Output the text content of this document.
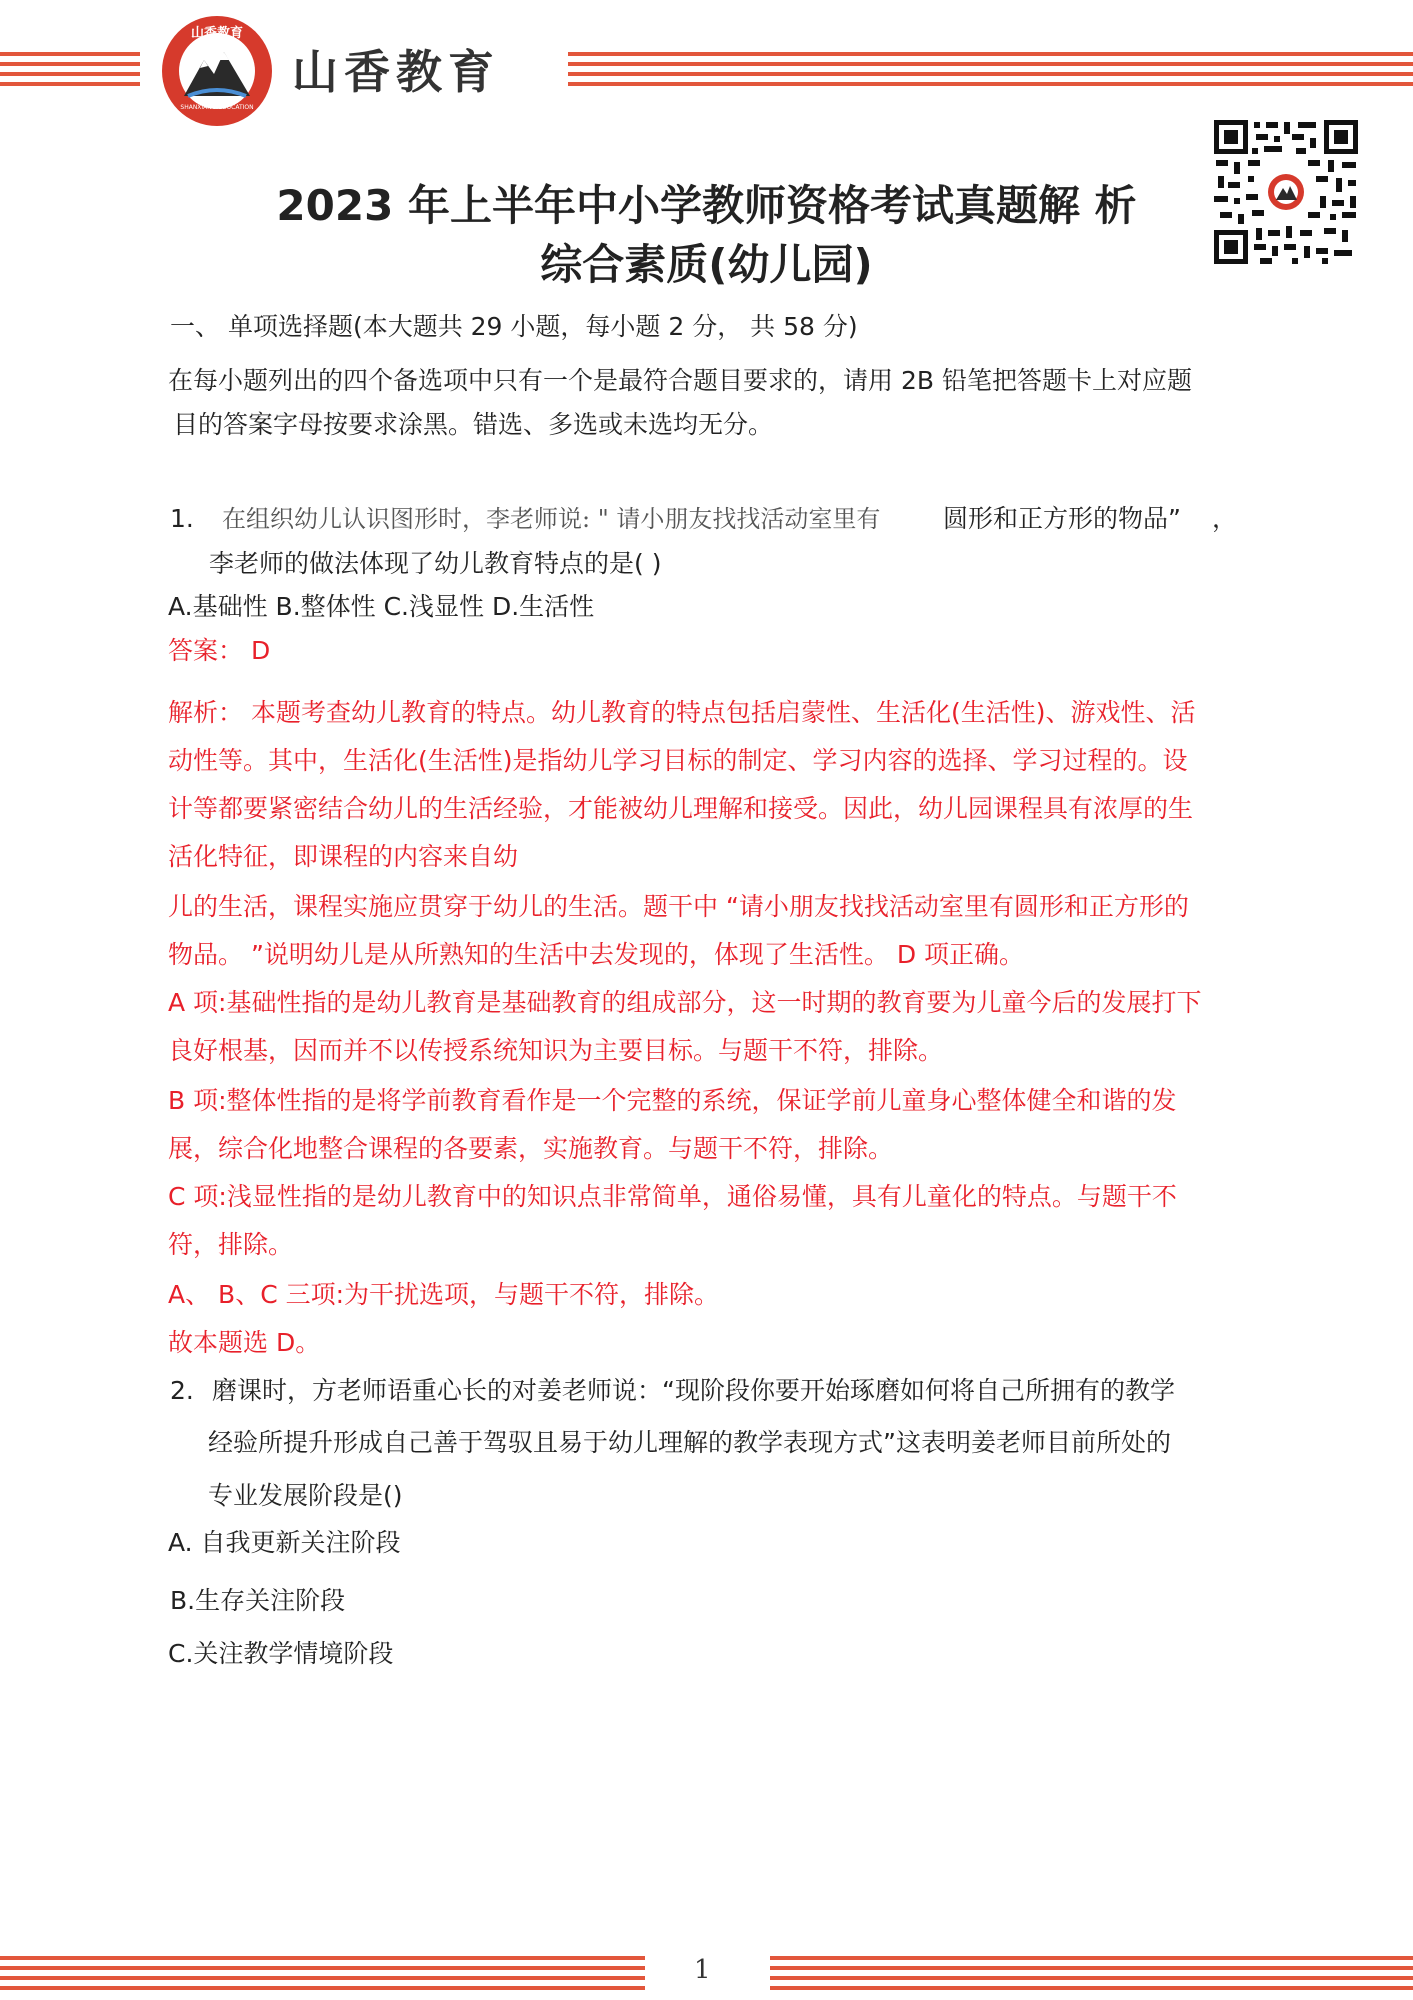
山香教育
SHANXIANG EDUCATION
山香教育
2023 年上半年中小学教师资格考试真题解 析
综合素质(幼儿园)
一、 单项选择题(本大题共 29 小题，每小题 2 分， 共 58 分)
在每小题列出的四个备选项中只有一个是最符合题目要求的，请用 2B 铅笔把答题卡上对应题
目的答案字母按要求涂黑。错选、多选或未选均无分。
1. 在组织幼儿认识图形时，李老师说: " 请小朋友找找活动室里有	圆形和正方形的物品” ，
李老师的做法体现了幼儿教育特点的是( )
A.基础性 B.整体性 C.浅显性 D.生活性
答案： D
解析： 本题考查幼儿教育的特点。幼儿教育的特点包括启蒙性、生活化(生活性)、游戏性、活
动性等。其中，生活化(生活性)是指幼儿学习目标的制定、学习内容的选择、学习过程的。设
计等都要紧密结合幼儿的生活经验，才能被幼儿理解和接受。因此，幼儿园课程具有浓厚的生
活化特征，即课程的内容来自幼
儿的生活，课程实施应贯穿于幼儿的生活。题干中 “请小朋友找找活动室里有圆形和正方形的
物品。 ”说明幼儿是从所熟知的生活中去发现的，体现了生活性。 D 项正确。
A 项:基础性指的是幼儿教育是基础教育的组成部分，这一时期的教育要为儿童今后的发展打下
良好根基，因而并不以传授系统知识为主要目标。与题干不符，排除。
B 项:整体性指的是将学前教育看作是一个完整的系统，保证学前儿童身心整体健全和谐的发
展，综合化地整合课程的各要素，实施教育。与题干不符，排除。
C 项:浅显性指的是幼儿教育中的知识点非常简单，通俗易懂，具有儿童化的特点。与题干不
符，排除。
A、 B、C 三项:为干扰选项，与题干不符，排除。
故本题选 D。
2. 磨课时，方老师语重心长的对姜老师说：“现阶段你要开始琢磨如何将自己所拥有的教学
经验所提升形成自己善于驾驭且易于幼儿理解的教学表现方式”这表明姜老师目前所处的
专业发展阶段是()
A. 自我更新关注阶段
B.生存关注阶段
C.关注教学情境阶段
1
